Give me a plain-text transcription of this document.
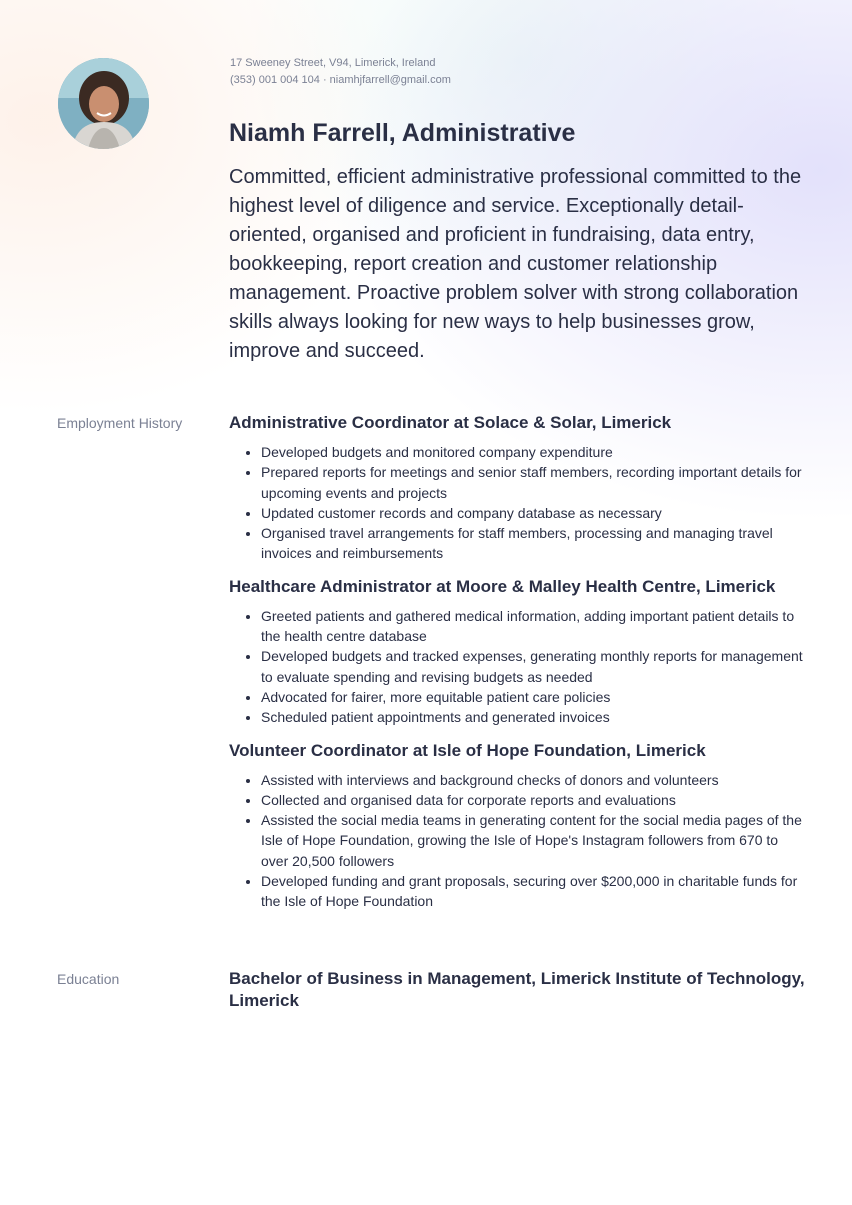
17 Sweeney Street, V94, Limerick, Ireland
(353) 001 004 104 · niamhjfarrell@gmail.com
Niamh Farrell, Administrative

Committed, efficient administrative professional committed to the highest level of diligence and service. Exceptionally detail-oriented, organised and proficient in fundraising, data entry, bookkeeping, report creation and customer relationship management. Proactive problem solver with strong collaboration skills always looking for new ways to help businesses grow, improve and succeed.

Employment History	Administrative Coordinator at Solace & Solar, Limerick
• Developed budgets and monitored company expenditure
• Prepared reports for meetings and senior staff members, recording important details for upcoming events and projects
• Updated customer records and company database as necessary
• Organised travel arrangements for staff members, processing and managing travel invoices and reimbursements
Healthcare Administrator at Moore & Malley Health Centre, Limerick
• Greeted patients and gathered medical information, adding important patient details to the health centre database
• Developed budgets and tracked expenses, generating monthly reports for management to evaluate spending and revising budgets as needed
• Advocated for fairer, more equitable patient care policies
• Scheduled patient appointments and generated invoices
Volunteer Coordinator at Isle of Hope Foundation, Limerick
• Assisted with interviews and background checks of donors and volunteers
• Collected and organised data for corporate reports and evaluations
• Assisted the social media teams in generating content for the social media pages of the Isle of Hope Foundation, growing the Isle of Hope's Instagram followers from 670 to over 20,500 followers
• Developed funding and grant proposals, securing over $200,000 in charitable funds for the Isle of Hope Foundation
Education	Bachelor of Business in Management, Limerick Institute of Technology, Limerick
